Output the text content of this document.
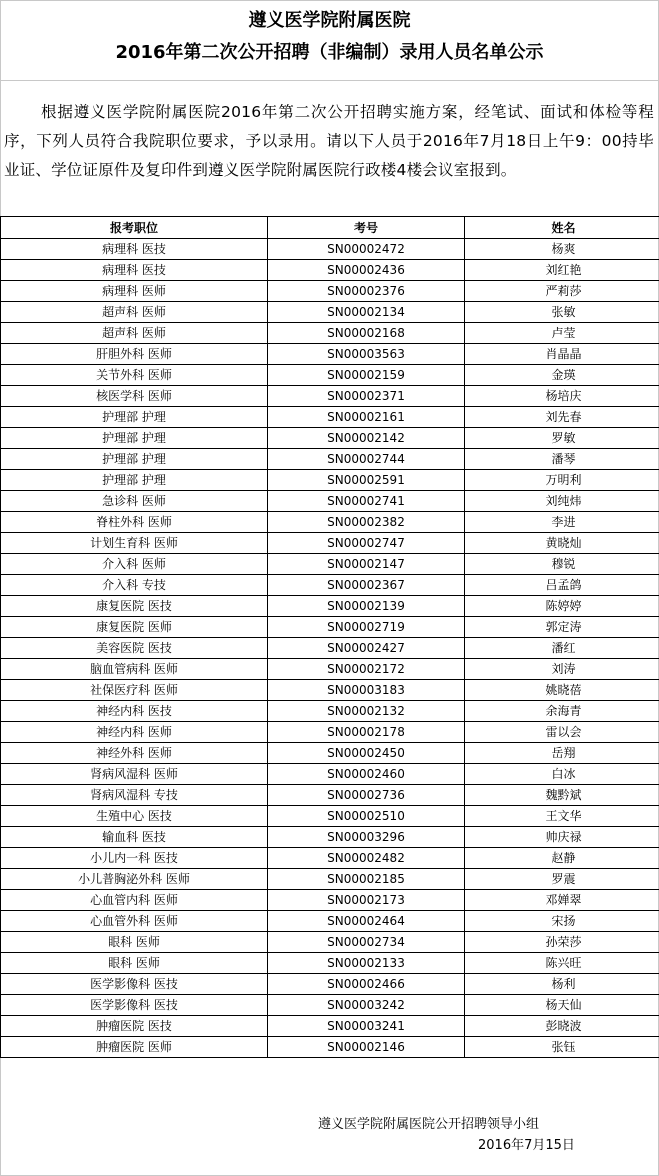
遵义医学院附属医院
2016年第二次公开招聘（非编制）录用人员名单公示
根据遵义医学院附属医院2016年第二次公开招聘实施方案，经笔试、面试和体检等程序，下列人员符合我院职位要求，予以录用。请以下人员于2016年7月18日上午9：00持毕业证、学位证原件及复印件到遵义医学院附属医院行政楼4楼会议室报到。
报考职位	考号	姓名
病理科 医技	SN00002472	杨爽
病理科 医技	SN00002436	刘红艳
病理科 医师	SN00002376	严莉莎
超声科 医师	SN00002134	张敏
超声科 医师	SN00002168	卢莹
肝胆外科 医师	SN00003563	肖晶晶
关节外科 医师	SN00002159	金瑛
核医学科 医师	SN00002371	杨培庆
护理部 护理	SN00002161	刘先春
护理部 护理	SN00002142	罗敏
护理部 护理	SN00002744	潘琴
护理部 护理	SN00002591	万明利
急诊科 医师	SN00002741	刘纯炜
脊柱外科 医师	SN00002382	李进
计划生育科 医师	SN00002747	黄晓灿
介入科 医师	SN00002147	穆锐
介入科 专技	SN00002367	吕孟鸽
康复医院 医技	SN00002139	陈婷婷
康复医院 医师	SN00002719	郭定涛
美容医院 医技	SN00002427	潘红
脑血管病科 医师	SN00002172	刘涛
社保医疗科 医师	SN00003183	姚晓蓓
神经内科 医技	SN00002132	余海青
神经内科 医师	SN00002178	雷以会
神经外科 医师	SN00002450	岳翔
肾病风湿科 医师	SN00002460	白冰
肾病风湿科 专技	SN00002736	魏黔斌
生殖中心 医技	SN00002510	王文华
输血科 医技	SN00003296	帅庆禄
小儿内一科 医技	SN00002482	赵静
小儿普胸泌外科 医师	SN00002185	罗震
心血管内科 医师	SN00002173	邓婵翠
心血管外科 医师	SN00002464	宋扬
眼科 医师	SN00002734	孙荣莎
眼科 医师	SN00002133	陈兴旺
医学影像科 医技	SN00002466	杨利
医学影像科 医技	SN00003242	杨天仙
肿瘤医院 医技	SN00003241	彭晓波
肿瘤医院 医师	SN00002146	张钰
遵义医学院附属医院公开招聘领导小组
2016年7月15日
